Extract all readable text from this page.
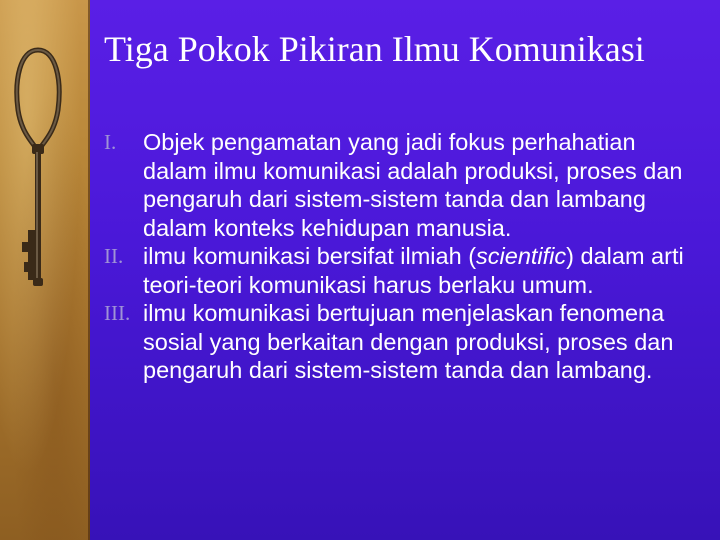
Tiga Pokok Pikiran Ilmu Komunikasi
I. Objek pengamatan yang jadi fokus perhahatian dalam ilmu komunikasi adalah produksi, proses dan pengaruh dari sistem-sistem tanda dan lambang dalam konteks kehidupan manusia.
II. ilmu komunikasi bersifat ilmiah (scientific) dalam arti teori-teori komunikasi harus berlaku umum.
III. ilmu komunikasi bertujuan menjelaskan fenomena sosial yang berkaitan dengan produksi, proses dan pengaruh dari sistem-sistem tanda dan lambang.
